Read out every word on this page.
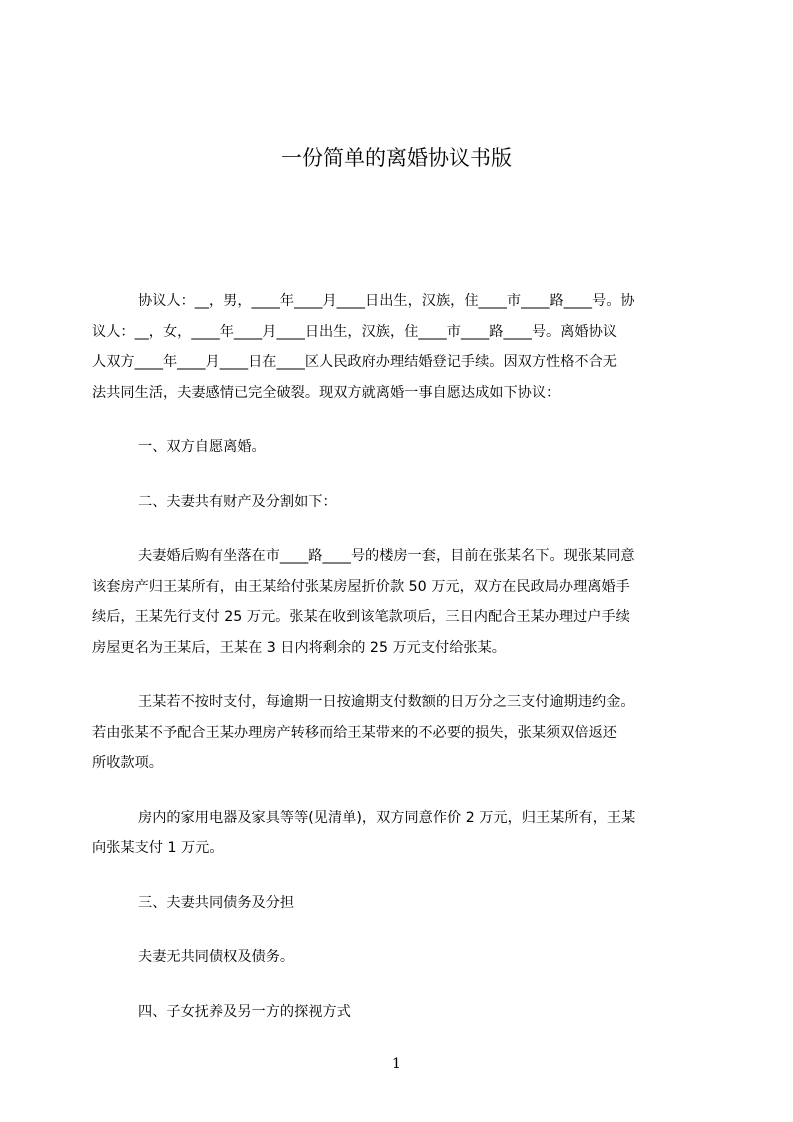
一份简单的离婚协议书版
协议人：__，男，____年____月____日出生，汉族，住____市____路____号。协
议人：__，女，____年____月____日出生，汉族，住____市____路____号。离婚协议
人双方____年____月____日在____区人民政府办理结婚登记手续。因双方性格不合无
法共同生活，夫妻感情已完全破裂。现双方就离婚一事自愿达成如下协议：
一、双方自愿离婚。
二、夫妻共有财产及分割如下：
夫妻婚后购有坐落在市____路____号的楼房一套，目前在张某名下。现张某同意
该套房产归王某所有，由王某给付张某房屋折价款 50 万元，双方在民政局办理离婚手
续后，王某先行支付 25 万元。张某在收到该笔款项后，三日内配合王某办理过户手续
房屋更名为王某后，王某在 3 日内将剩余的 25 万元支付给张某。
王某若不按时支付，每逾期一日按逾期支付数额的日万分之三支付逾期违约金。
若由张某不予配合王某办理房产转移而给王某带来的不必要的损失，张某须双倍返还
所收款项。
房内的家用电器及家具等等(见清单)，双方同意作价 2 万元，归王某所有，王某
向张某支付 1 万元。
三、夫妻共同债务及分担
夫妻无共同债权及债务。
四、子女抚养及另一方的探视方式
1
